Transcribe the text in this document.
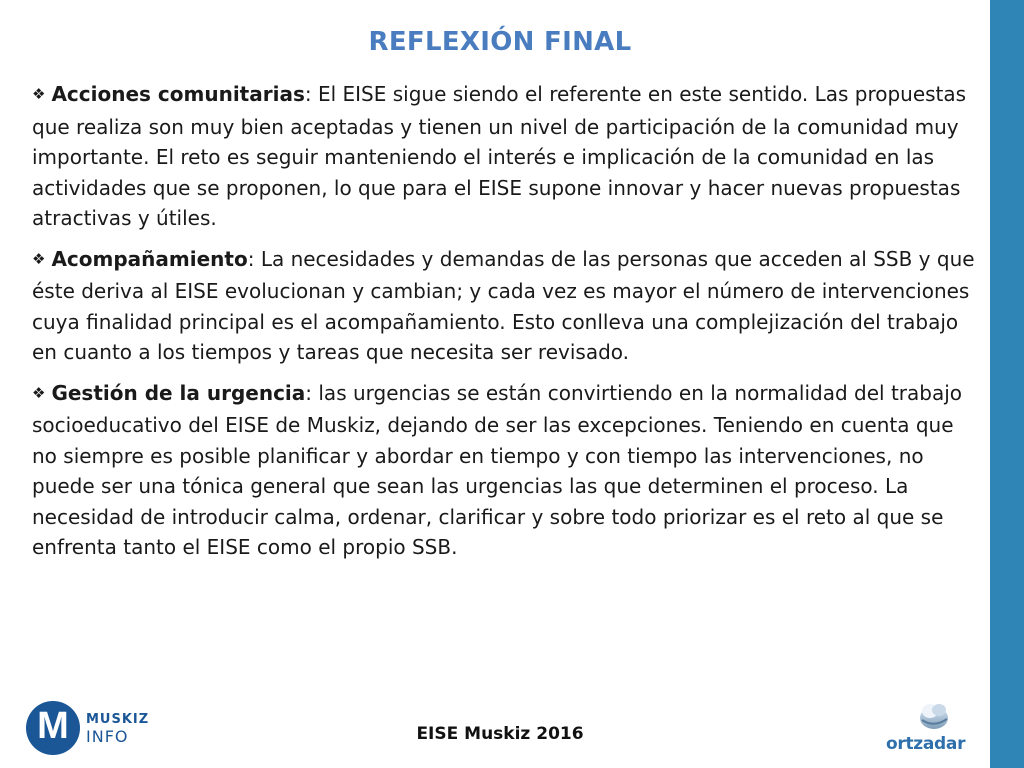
REFLEXIÓN FINAL

❖ Acciones comunitarias: El EISE sigue siendo el referente en este sentido. Las propuestas que realiza son muy bien aceptadas y tienen un nivel de participación de la comunidad muy importante. El reto es seguir manteniendo el interés e implicación de la comunidad en las actividades que se proponen, lo que para el EISE supone innovar y hacer nuevas propuestas atractivas y útiles.

❖ Acompañamiento: La necesidades y demandas de las personas que acceden al SSB y que éste deriva al EISE evolucionan y cambian; y cada vez es mayor el número de intervenciones cuya finalidad principal es el acompañamiento. Esto conlleva una complejización del trabajo en cuanto a los tiempos y tareas que necesita ser revisado.

❖ Gestión de la urgencia: las urgencias se están convirtiendo en la normalidad del trabajo socioeducativo del EISE de Muskiz, dejando de ser las excepciones. Teniendo en cuenta que no siempre es posible planificar y abordar en tiempo y con tiempo las intervenciones, no puede ser una tónica general que sean las urgencias las que determinen el proceso. La necesidad de introducir calma, ordenar, clarificar y sobre todo priorizar es el reto al que se enfrenta tanto el EISE como el propio SSB.

M	MUSKIZ
INFO	EISE Muskiz 2016	ortzadar
